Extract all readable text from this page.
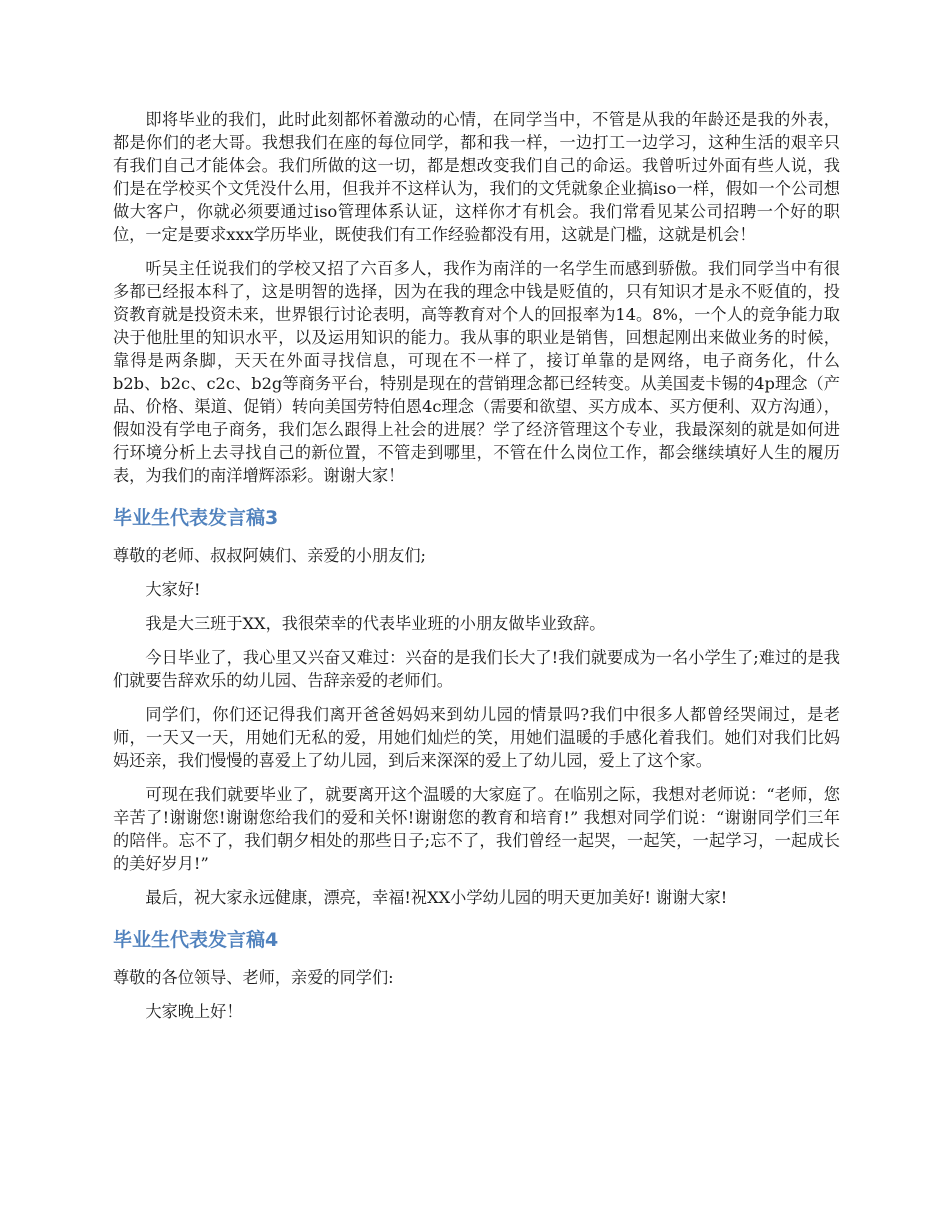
即将毕业的我们，此时此刻都怀着激动的心情，在同学当中，不管是从我的年龄还是我的外表，都是你们的老大哥。我想我们在座的每位同学，都和我一样，一边打工一边学习，这种生活的艰辛只有我们自己才能体会。我们所做的这一切，都是想改变我们自己的命运。我曾听过外面有些人说，我们是在学校买个文凭没什么用，但我并不这样认为，我们的文凭就象企业搞iso一样，假如一个公司想做大客户，你就必须要通过iso管理体系认证，这样你才有机会。我们常看见某公司招聘一个好的职位，一定是要求xxx学历毕业，既使我们有工作经验都没有用，这就是门槛，这就是机会！

听吴主任说我们的学校又招了六百多人，我作为南洋的一名学生而感到骄傲。我们同学当中有很多都已经报本科了，这是明智的选择，因为在我的理念中钱是贬值的，只有知识才是永不贬值的，投资教育就是投资未来，世界银行讨论表明，高等教育对个人的回报率为14。8%，一个人的竞争能力取决于他肚里的知识水平，以及运用知识的能力。我从事的职业是销售，回想起刚出来做业务的时候，靠得是两条脚，天天在外面寻找信息，可现在不一样了，接订单靠的是网络，电子商务化，什么b2b、b2c、c2c、b2g等商务平台，特别是现在的营销理念都已经转变。从美国麦卡锡的4p理念（产品、价格、渠道、促销）转向美国劳特伯恩4c理念（需要和欲望、买方成本、买方便利、双方沟通），假如没有学电子商务，我们怎么跟得上社会的进展？学了经济管理这个专业，我最深刻的就是如何进行环境分析上去寻找自己的新位置，不管走到哪里，不管在什么岗位工作，都会继续填好人生的履历表，为我们的南洋增辉添彩。谢谢大家！

毕业生代表发言稿3

尊敬的老师、叔叔阿姨们、亲爱的小朋友们;

大家好!

我是大三班于XX，我很荣幸的代表毕业班的小朋友做毕业致辞。

今日毕业了，我心里又兴奋又难过：兴奋的是我们长大了!我们就要成为一名小学生了;难过的是我们就要告辞欢乐的幼儿园、告辞亲爱的老师们。

同学们，你们还记得我们离开爸爸妈妈来到幼儿园的情景吗?我们中很多人都曾经哭闹过，是老师，一天又一天，用她们无私的爱，用她们灿烂的笑，用她们温暖的手感化着我们。她们对我们比妈妈还亲，我们慢慢的喜爱上了幼儿园，到后来深深的爱上了幼儿园，爱上了这个家。

可现在我们就要毕业了，就要离开这个温暖的大家庭了。在临别之际，我想对老师说：“老师，您辛苦了!谢谢您!谢谢您给我们的爱和关怀!谢谢您的教育和培育!” 我想对同学们说：“谢谢同学们三年的陪伴。忘不了，我们朝夕相处的那些日子;忘不了，我们曾经一起哭，一起笑，一起学习，一起成长的美好岁月!”

最后，祝大家永远健康，漂亮，幸福!祝XX小学幼儿园的明天更加美好! 谢谢大家!

毕业生代表发言稿4

尊敬的各位领导、老师，亲爱的同学们:

大家晚上好！
